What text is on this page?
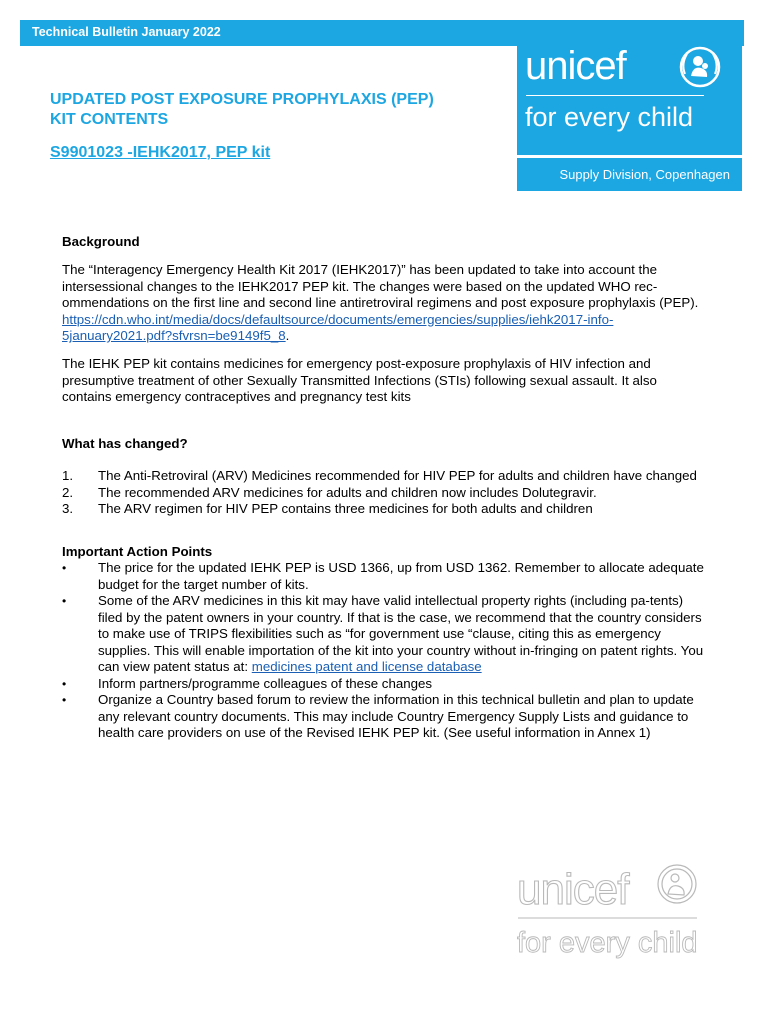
Technical Bulletin January 2022
unicef
for every child
Supply Division, Copenhagen
UPDATED POST EXPOSURE PROPHYLAXIS (PEP)
KIT CONTENTS
S9901023 -IEHK2017, PEP kit
Background

The “Interagency Emergency Health Kit 2017 (IEHK2017)” has been updated to take into account the intersessional changes to the IEHK2017 PEP kit. The changes were based on the updated WHO rec-ommendations on the first line and second line antiretroviral regimens and post exposure prophylaxis (PEP). https://cdn.who.int/media/docs/defaultsource/documents/emergencies/supplies/iehk2017-info-5january2021.pdf?sfvrsn=be9149f5_8.

The IEHK PEP kit contains medicines for emergency post-exposure prophylaxis of HIV infection and presumptive treatment of other Sexually Transmitted Infections (STIs) following sexual assault. It also contains emergency contraceptives and pregnancy test kits

What has changed?
1. The Anti-Retroviral (ARV) Medicines recommended for HIV PEP for adults and children have changed
2. The recommended ARV medicines for adults and children now includes Dolutegravir.
3. The ARV regimen for HIV PEP contains three medicines for both adults and children
Important Action Points
• The price for the updated IEHK PEP is USD 1366, up from USD 1362. Remember to allocate adequate budget for the target number of kits.
• Some of the ARV medicines in this kit may have valid intellectual property rights (including pa-tents) filed by the patent owners in your country. If that is the case, we recommend that the country considers to make use of TRIPS flexibilities such as “for government use “clause, citing this as emergency supplies. This will enable importation of the kit into your country without in-fringing on patent rights. You can view patent status at: medicines patent and license database
• Inform partners/programme colleagues of these changes
• Organize a Country based forum to review the information in this technical bulletin and plan to update any relevant country documents. This may include Country Emergency Supply Lists and guidance to health care providers on use of the Revised IEHK PEP kit. (See useful information in Annex 1)
unicef
for every child
